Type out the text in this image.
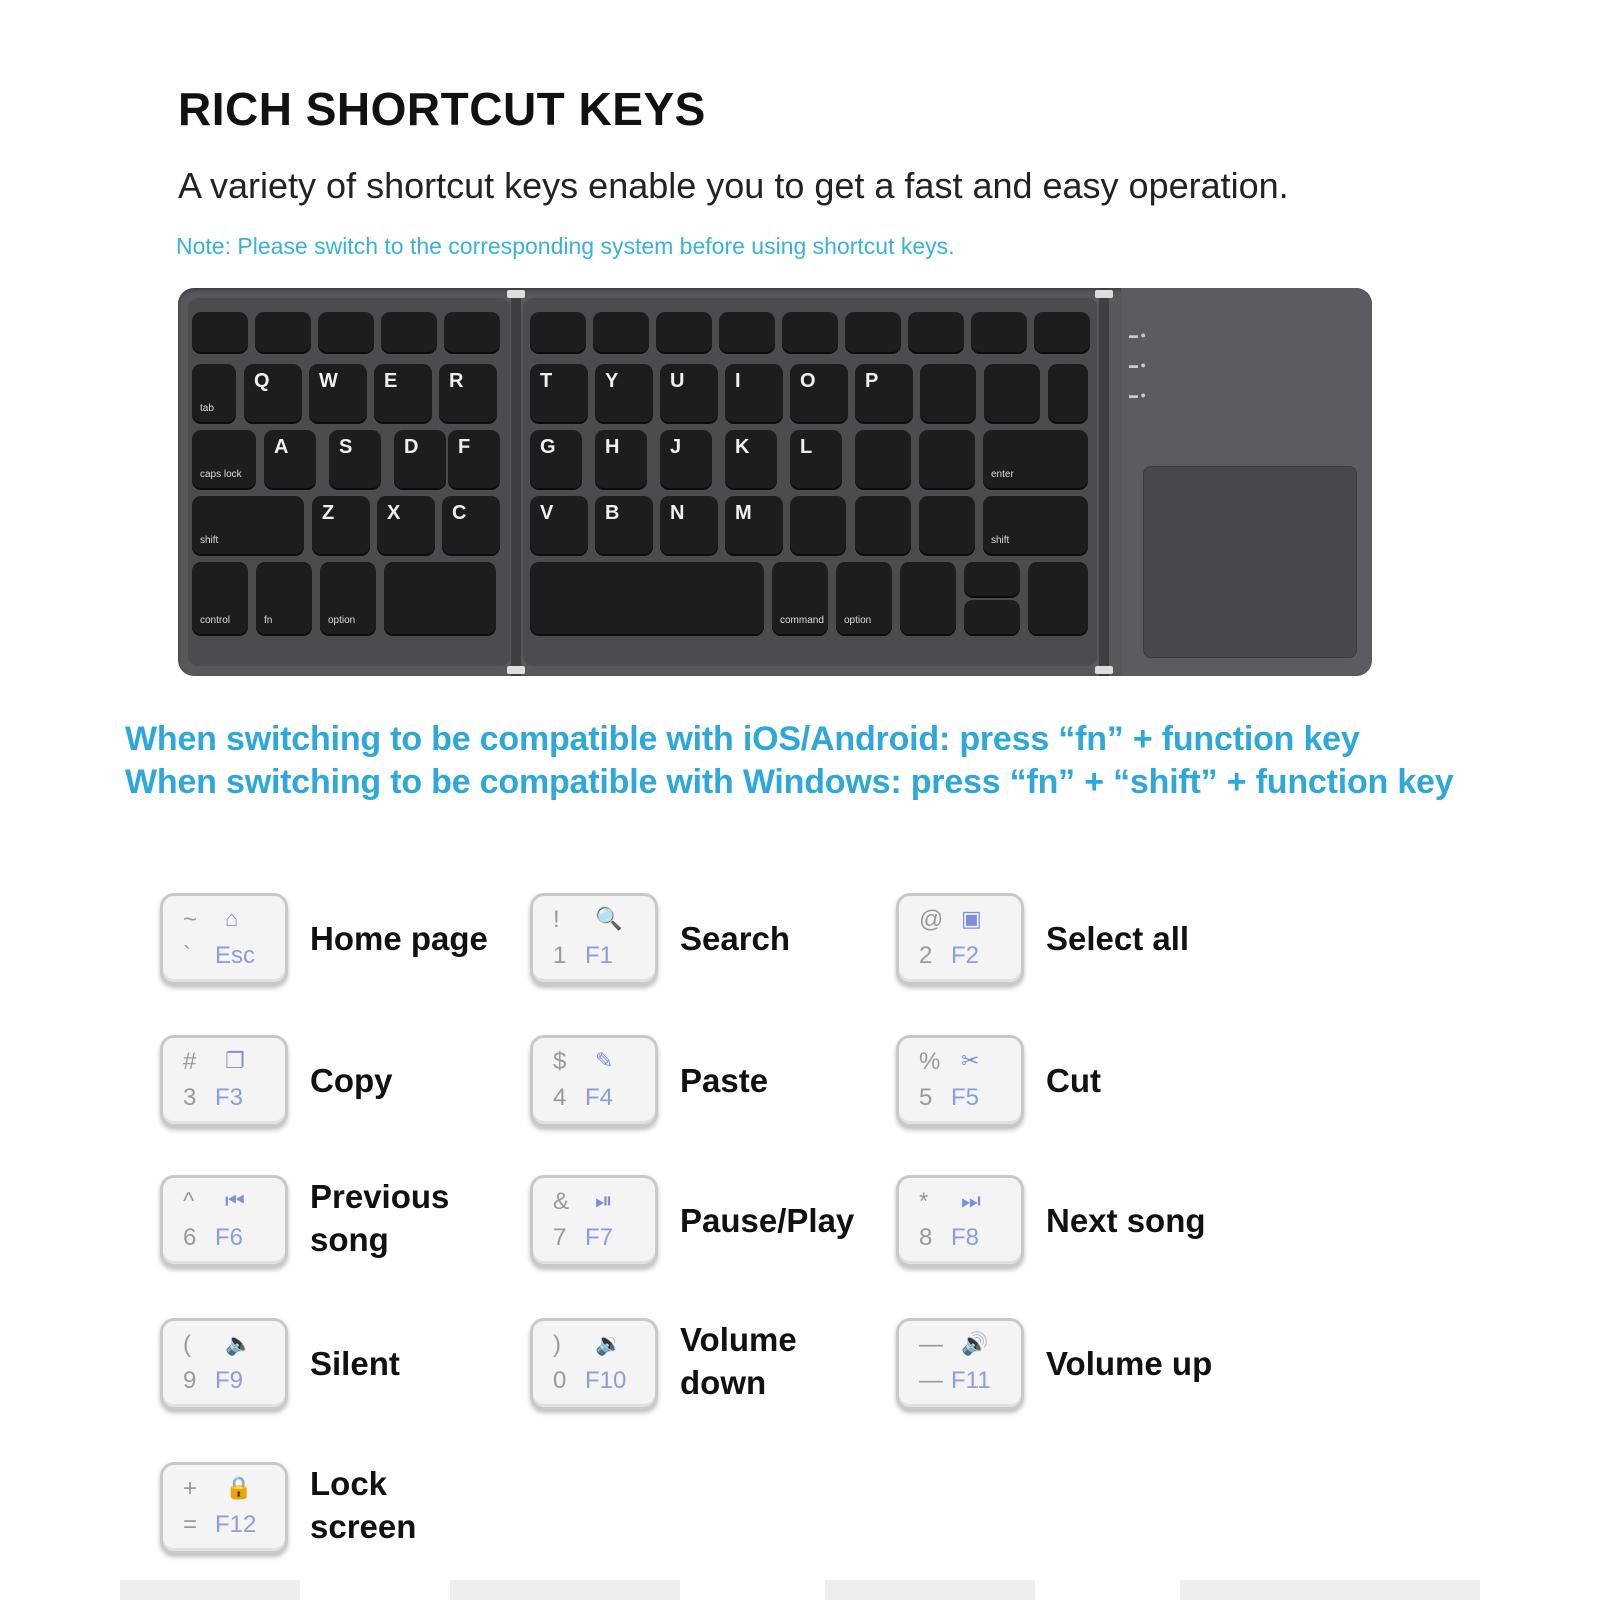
RICH SHORTCUT KEYS
A variety of shortcut keys enable you to get a fast and easy operation.
Note: Please switch to the corresponding system before using shortcut keys.
▬ ●
▬ ●
▬ ●
tab
Q W E	R	T	Y	U	I	O P
caps lock
A	S	D F	G H	J	K	L
enter
shift
Z	X	C	V	B	N	M
shift
control	fn	option	command option
When switching to be compatible with iOS/Android: press “fn” + function key
When switching to be compatible with Windows: press “fn” + “shift” + function key
~
`
⌂
Esc Home page
!
1
🔍
F1 Search
@
2
▣
F2 Select all
#
3
❐
F3 Copy
$
4
✎
F4 Paste
%
5
✂
F5 Cut
^
6
⏮
F6
Previous song
&
7
⏯
F7 Pause/Play
*
8
⏭
F8 Next song
(
9
🔈
F9 Silent
)
0
🔉
F10
Volume down
—
—
🔊
F11 Volume up
+
=
🔒
F12
Lock screen
